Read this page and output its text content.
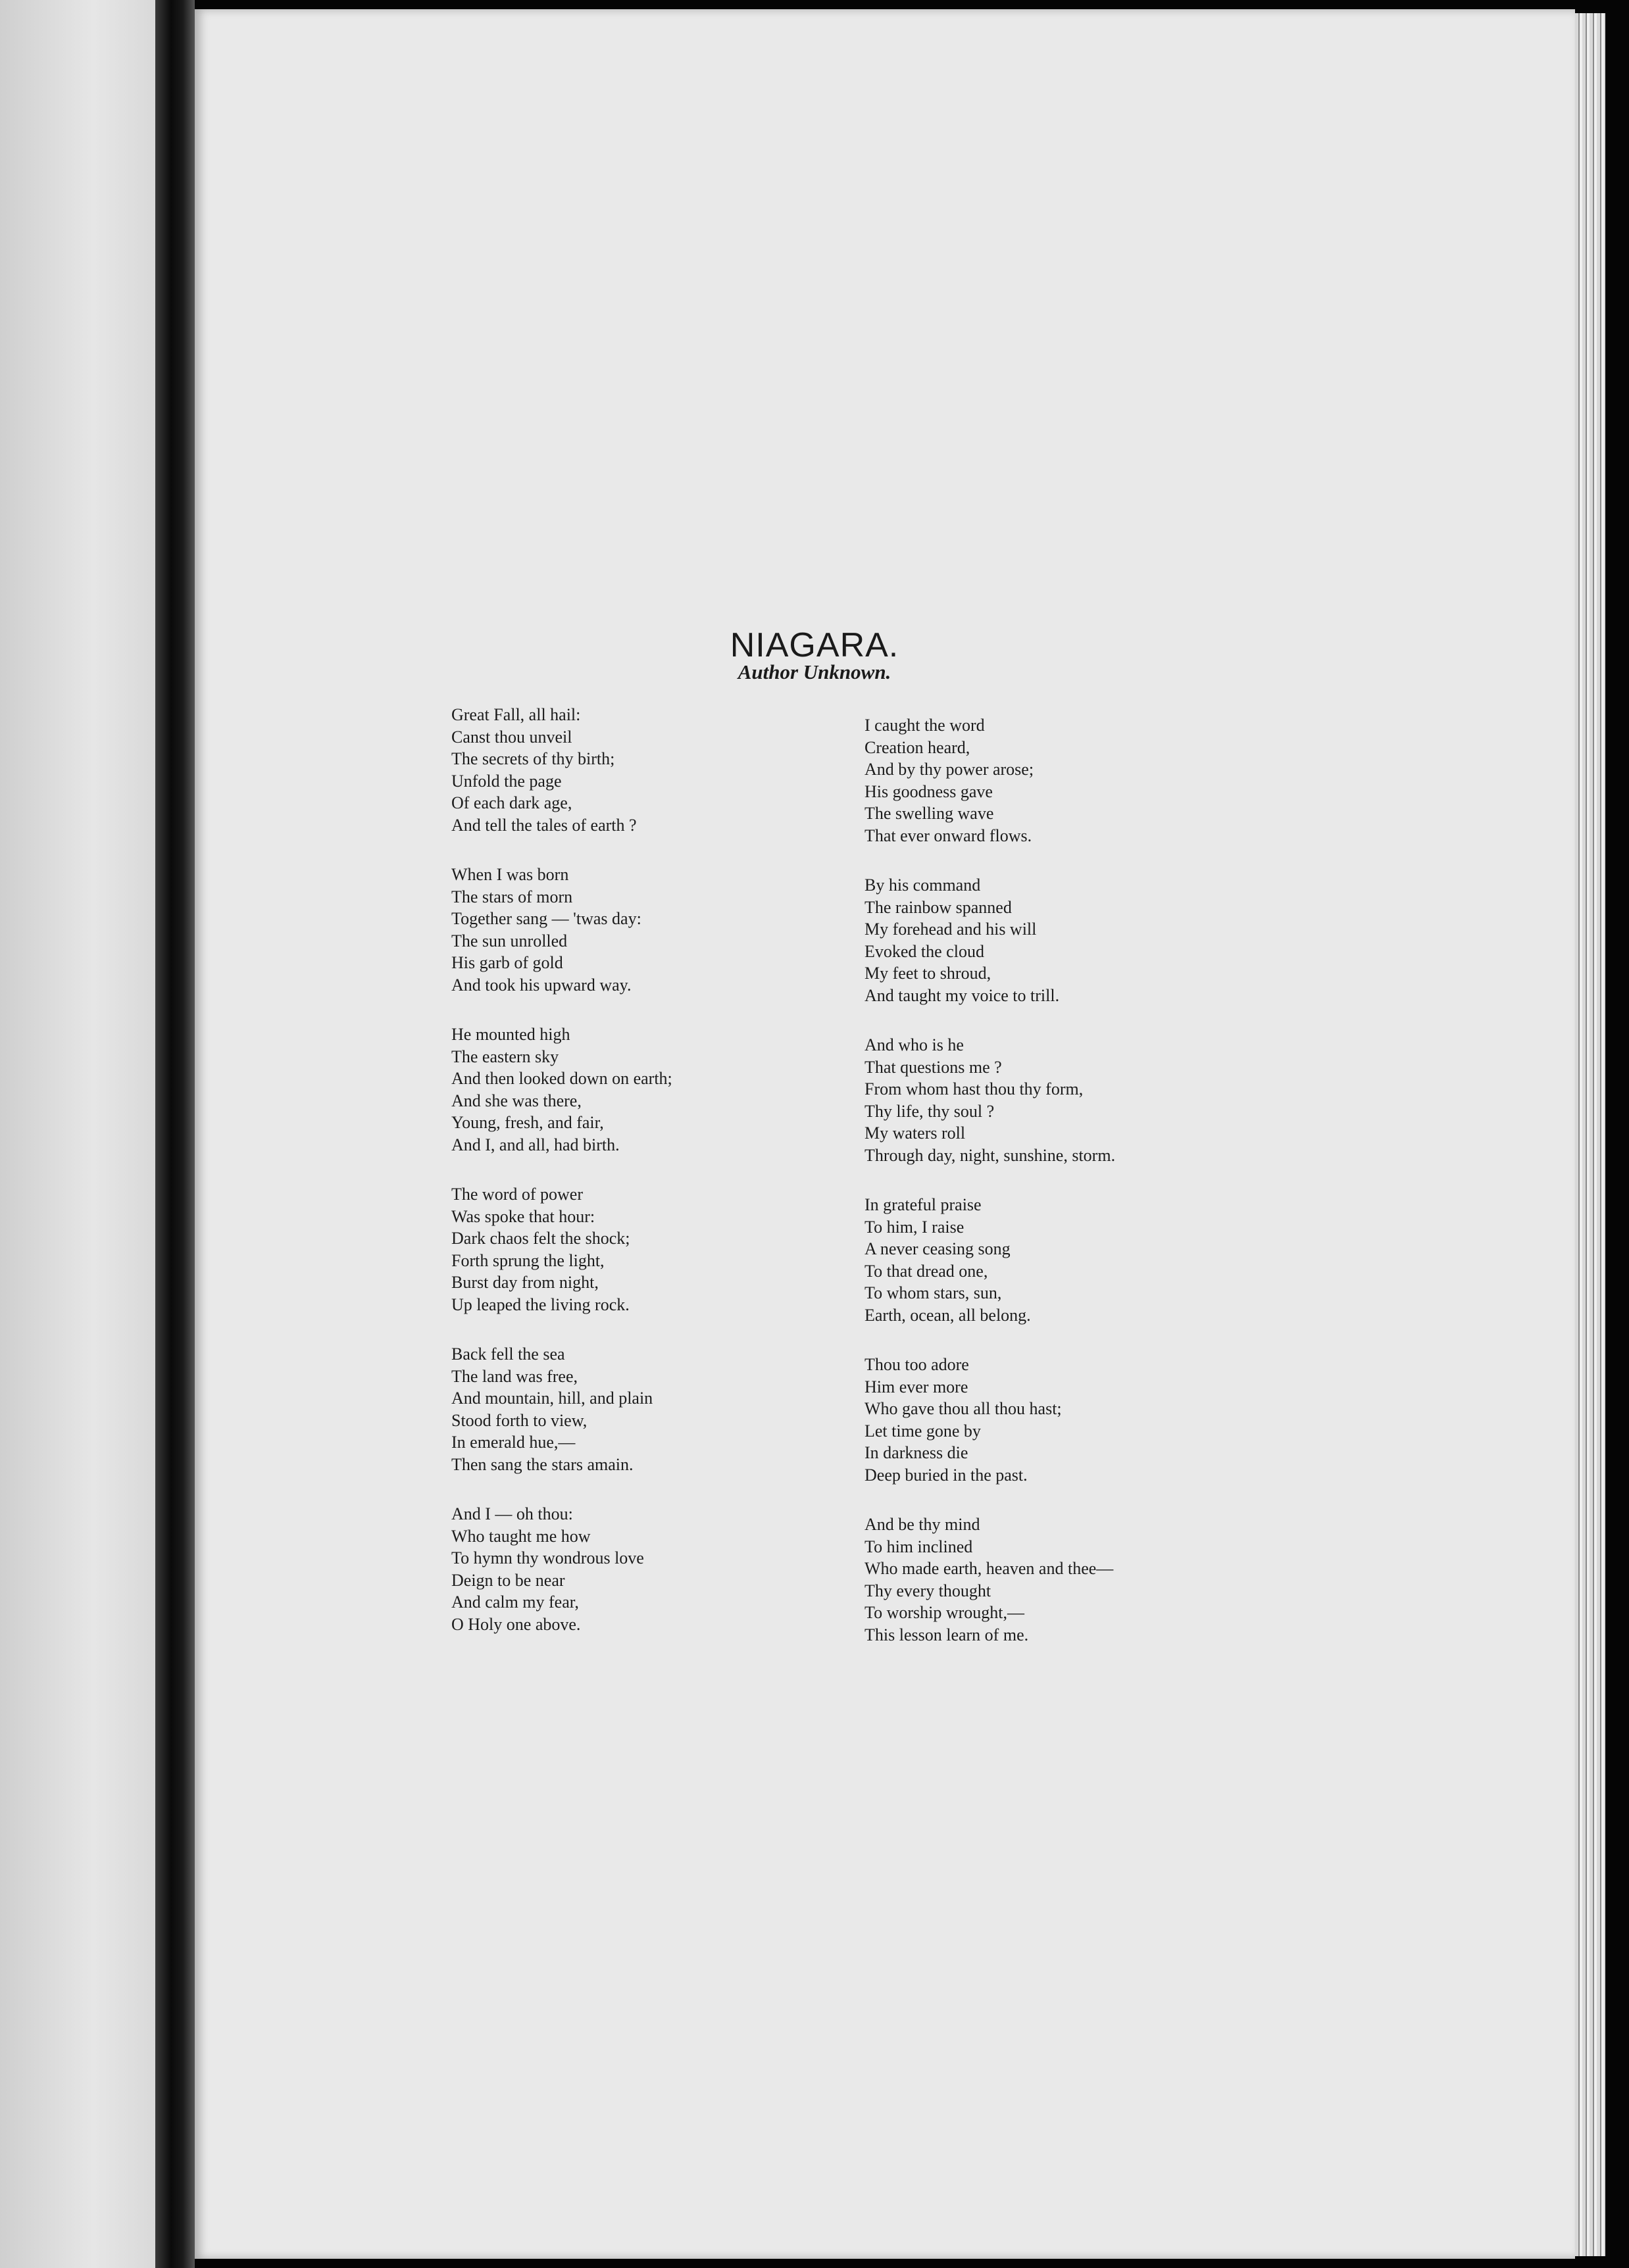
NIAGARA.
Author Unknown.
Great Fall, all hail:
Canst thou unveil
The secrets of thy birth;
Unfold the page
Of each dark age,
And tell the tales of earth ?
When I was born
The stars of morn
Together sang — 'twas day:
The sun unrolled
His garb of gold
And took his upward way.
He mounted high
The eastern sky
And then looked down on earth;
And she was there,
Young, fresh, and fair,
And I, and all, had birth.
The word of power
Was spoke that hour:
Dark chaos felt the shock;
Forth sprung the light,
Burst day from night,
Up leaped the living rock.
Back fell the sea
The land was free,
And mountain, hill, and plain
Stood forth to view,
In emerald hue,—
Then sang the stars amain.
And I — oh thou:
Who taught me how
To hymn thy wondrous love
Deign to be near
And calm my fear,
O Holy one above.
I caught the word
Creation heard,
And by thy power arose;
His goodness gave
The swelling wave
That ever onward flows.
By his command
The rainbow spanned
My forehead and his will
Evoked the cloud
My feet to shroud,
And taught my voice to trill.
And who is he
That questions me ?
From whom hast thou thy form,
Thy life, thy soul ?
My waters roll
Through day, night, sunshine, storm.
In grateful praise
To him, I raise
A never ceasing song
To that dread one,
To whom stars, sun,
Earth, ocean, all belong.
Thou too adore
Him ever more
Who gave thou all thou hast;
Let time gone by
In darkness die
Deep buried in the past.
And be thy mind
To him inclined
Who made earth, heaven and thee—
Thy every thought
To worship wrought,—
This lesson learn of me.
